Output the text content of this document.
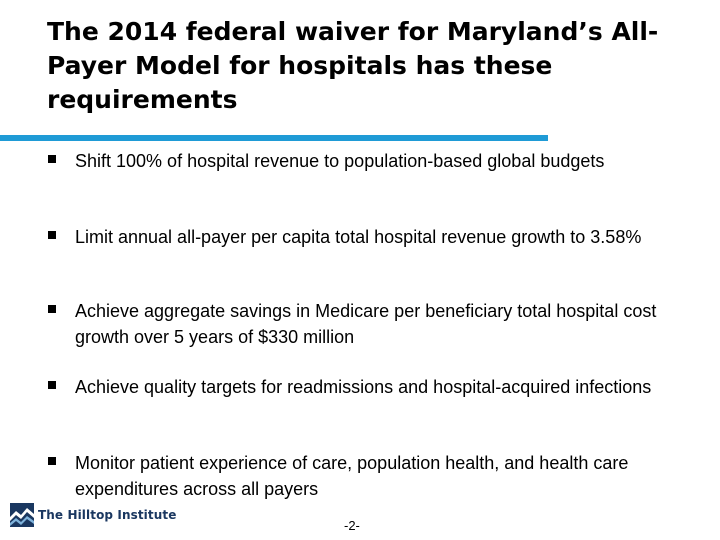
The 2014 federal waiver for Maryland’s All-Payer Model for hospitals has these requirements
Shift 100% of hospital revenue to population-based global budgets
Limit annual all-payer per capita total hospital revenue growth to 3.58%
Achieve aggregate savings in Medicare per beneficiary total hospital cost growth over 5 years of $330 million
Achieve quality targets for readmissions and hospital-acquired infections
Monitor patient experience of care, population health, and health care expenditures across all payers
The Hilltop Institute
-2-
